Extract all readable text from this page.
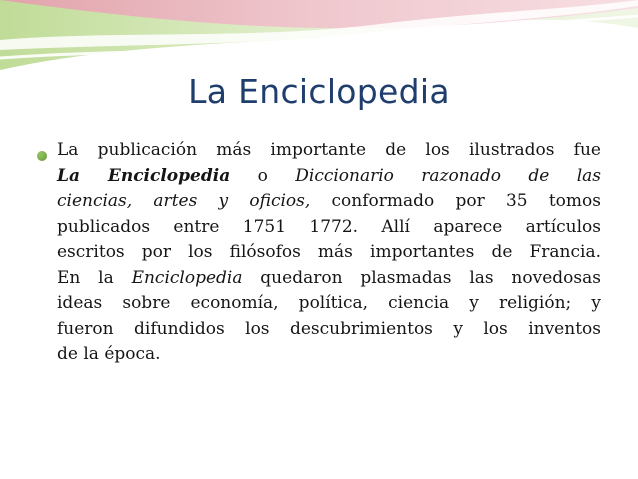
La Enciclopedia

La publicación más importante de los ilustrados fue
La Enciclopedia o Diccionario razonado de las
ciencias, artes y oficios, conformado por 35 tomos
publicados entre 1751 1772. Allí aparece artículos
escritos por los filósofos más importantes de Francia.
En la Enciclopedia quedaron plasmadas las novedosas
ideas sobre economía, política, ciencia y religión; y
fueron difundidos los descubrimientos y los inventos
de la época.
